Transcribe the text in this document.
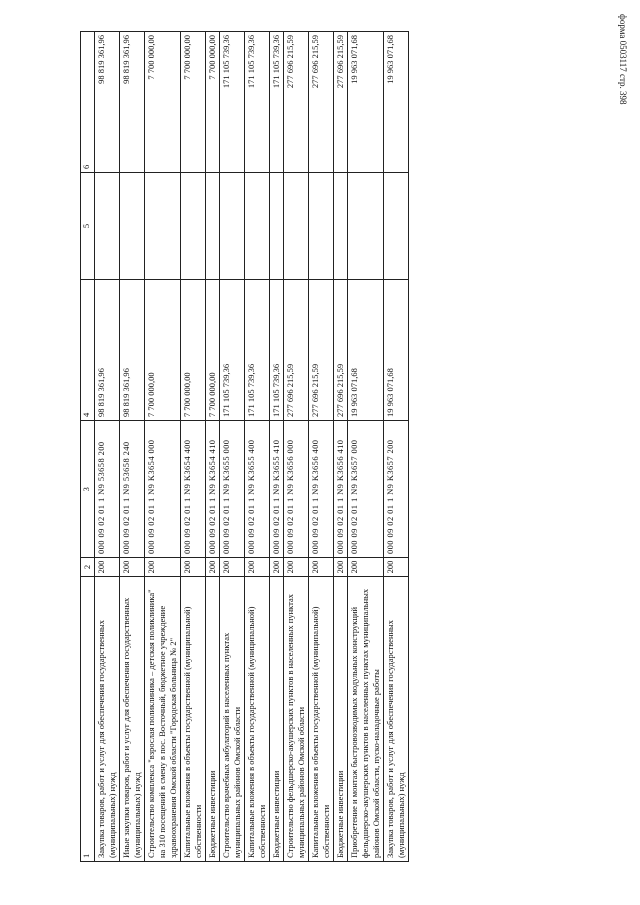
форма 0503117 стр. 398
1	2	3	4	5	6
Закупка товаров, работ и услуг для обеспечения государственных (муниципальных) нужд	200	000 09 02 01 1 N9 53658 200	98 819 361,96		98 819 361,96
Иные закупки товаров, работ и услуг для обеспечения государственных (муниципальных) нужд	200	000 09 02 01 1 N9 53658 240	98 819 361,96		98 819 361,96
Строительство комплекса "взрослая поликлиника – детская поликлиника" на 310 посещений в смену в пос. Восточный, бюджетное учреждение здравоохранения Омской области "Городская больница № 2"	200	000 09 02 01 1 N9 K3654 000	7 700 000,00		7 700 000,00
Капитальные вложения в объекты государственной (муниципальной) собственности	200	000 09 02 01 1 N9 K3654 400	7 700 000,00		7 700 000,00
Бюджетные инвестиции	200	000 09 02 01 1 N9 K3654 410	7 700 000,00		7 700 000,00
Строительство врачебных амбулаторий в населенных пунктах муниципальных районов Омской области	200	000 09 02 01 1 N9 K3655 000	171 105 739,36		171 105 739,36
Капитальные вложения в объекты государственной (муниципальной) собственности	200	000 09 02 01 1 N9 K3655 400	171 105 739,36		171 105 739,36
Бюджетные инвестиции	200	000 09 02 01 1 N9 K3655 410	171 105 739,36		171 105 739,36
Строительство фельдшерско-акушерских пунктов в населенных пунктах муниципальных районов Омской области	200	000 09 02 01 1 N9 K3656 000	277 696 215,59		277 696 215,59
Капитальные вложения в объекты государственной (муниципальной) собственности	200	000 09 02 01 1 N9 K3656 400	277 696 215,59		277 696 215,59
Бюджетные инвестиции	200	000 09 02 01 1 N9 K3656 410	277 696 215,59		277 696 215,59
Приобретение и монтаж быстровозводимых модульных конструкций фельдшерско-акушерских пунктов в населенных пунктах муниципальных районов Омской области, пуско-наладочные работы	200	000 09 02 01 1 N9 K3657 000	19 963 071,68		19 963 071,68
Закупка товаров, работ и услуг для обеспечения государственных (муниципальных) нужд	200	000 09 02 01 1 N9 K3657 200	19 963 071,68		19 963 071,68
